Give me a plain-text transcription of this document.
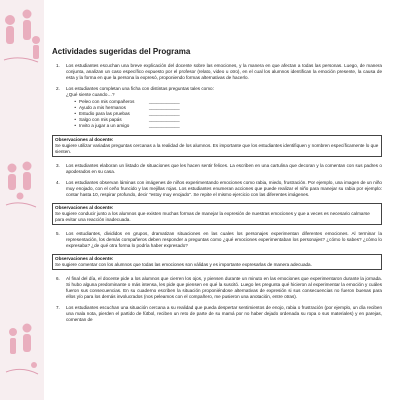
Actividades sugeridas del Programa
1.	Los estudiantes escuchan una breve explicación del docente sobre las emociones, y la manera en que afectan a todas las personas. Luego, de manera conjunta, analizan un caso específico expuesto por el profesor (relato, video u otro), en el cual los alumnos identifican la emoción presente, la causa de esta y la forma en que la persona la expresó, proponiendo formas alternativas de hacerlo.
2.	Los estudiantes completan una ficha con distintas preguntas tales como:
¿Qué siente cuando…?
• Peleo con mis compañeros	____________
• Ayudo a mis hermanos	____________
• Estudio para las pruebas	____________
• Salgo con mis papás	____________
• Invito a jugar a un amigo	____________
Observaciones al docente:
Se sugiere utilizar variadas preguntas cercanas a la realidad de los alumnos. Es importante que los estudiantes identifiquen y nombren específicamente lo que sienten.
3.	Los estudiantes elaboran un listado de situaciones que les hacen sentir felices. La escriben en una cartulina que decoran y la comentan con sus padres o apoderados en su casa.
4.	Los estudiantes observan láminas con imágenes de niños experimentando emociones como rabia, miedo, frustración. Por ejemplo, una imagen de un niño muy enojado, con el ceño fruncido y las mejillas rojas. Los estudiantes enumeran acciones que puede realizar el niño para manejar su rabia por ejemplo: contar hasta 10, respirar profundo, decir "estoy muy enojado". Se repite el mismo ejercicio con las diferentes imágenes.
Observaciones al docente:
Se sugiere conducir junto a los alumnos que existen muchas formas de manejar la expresión de nuestras emociones y que a veces es necesario calmarse para evitar una reacción inadecuada.
5.	Los estudiantes, divididos en grupos, dramatizan situaciones en las cuales los personajes experimentan diferentes emociones. Al terminar la representación, los demás compañeros deben responder a preguntas como ¿qué emociones experimentaban los personajes? ¿cómo lo sabes? ¿cómo lo expresaba? ¿de qué otra forma lo podría haber expresado?
Observaciones al docente:
Se sugiere comentar con los alumnos que todas las emociones son válidas y es importante expresarlas de manera adecuada.
6.	Al final del día, el docente pide a los alumnos que cierren los ojos, y piensen durante un minuto en las emociones que experimentaron durante la jornada. Si hubo alguna predominante o más intensa, les pide que piensen en qué la suscitó. Luego les pregunta qué hicieron al experimentar la emoción y cuáles fueron sus consecuencias. En su cuaderno escriben la situación proponiéndose alternativas de expresión si sus consecuencias no fueron buenas para ellos y/o para los demás involucrados (nos peleamos con el compañero, me pusieron una anotación, entre otras).
7.	Los estudiantes escuchan una situación cercana a su realidad que pueda despertar sentimientos de enojo, rabia o frustración (por ejemplo, un día reciben una mala nota, pierden el partido de fútbol, reciben un reto de parte de su mamá por no haber dejado ordenada su ropa o sus materiales) y en parejas, comentan de
